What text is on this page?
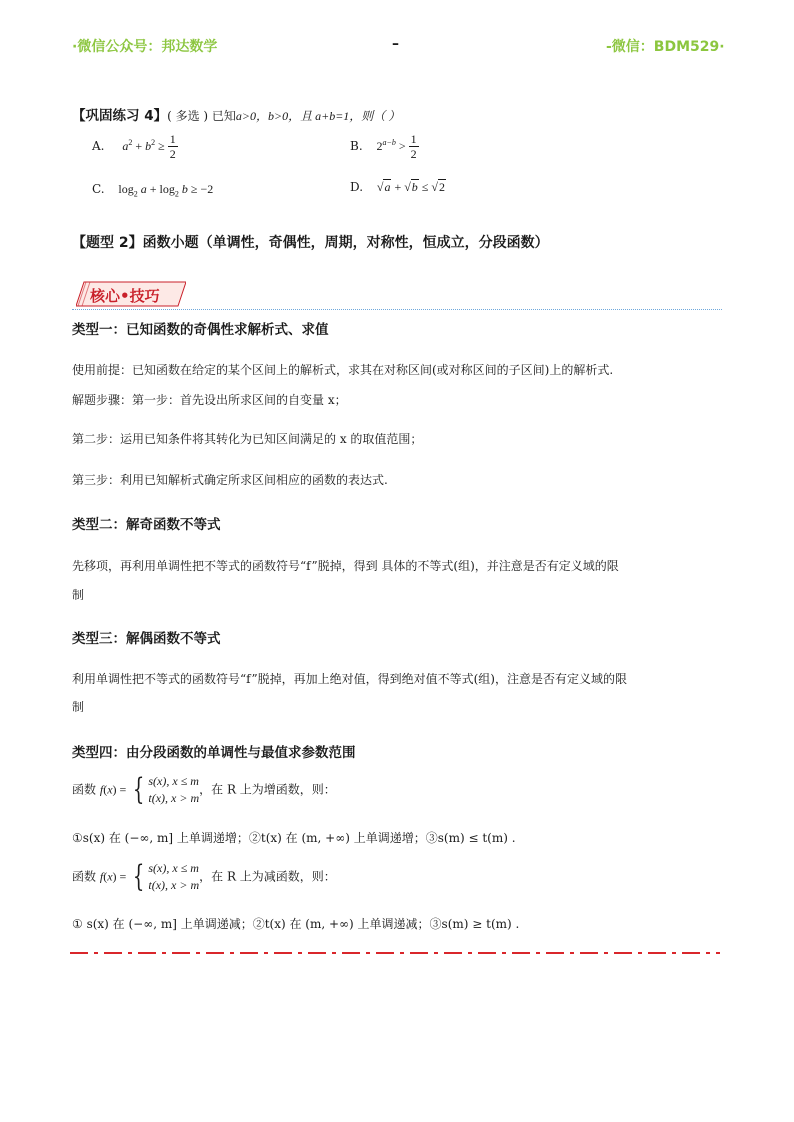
·微信公众号：邦达数学	–	-微信：BDM529·
【巩固练习 4】( 多选 ) 已知a>0，b>0，且 a+b=1，则（ ）
A. $a^2 + b^2 \ge \frac{1}{2}$	B. $2^{a-b} > \frac{1}{2}$
C. $\log_2 a + \log_2 b \ge -2$	D. √a + √b ≤ √2
【题型 2】函数小题（单调性，奇偶性，周期，对称性，恒成立，分段函数）
核心•技巧
类型一：已知函数的奇偶性求解析式、求值
使用前提：已知函数在给定的某个区间上的解析式，求其在对称区间(或对称区间的子区间)上的解析式.
解题步骤：第一步：首先设出所求区间的自变量 x；
第二步：运用已知条件将其转化为已知区间满足的 x 的取值范围；
第三步：利用已知解析式确定所求区间相应的函数的表达式.
类型二：解奇函数不等式
先移项，再利用单调性把不等式的函数符号“f”脱掉，得到 具体的不等式(组)，并注意是否有定义域的限
制
类型三：解偶函数不等式
利用单调性把不等式的函数符号“f”脱掉，再加上绝对值，得到绝对值不等式(组)，注意是否有定义域的限
制
类型四：由分段函数的单调性与最值求参数范围
函数 f(x) = { s(x), x ≤ m
t(x), x > m
，在 R 上为增函数，则：
①s(x) 在 (−∞, m] 上单调递增；②t(x) 在 (m, +∞) 上单调递增；③s(m) ≤ t(m) .
函数 f(x) = { s(x), x ≤ m
t(x), x > m
，在 R 上为减函数，则：
① s(x) 在 (−∞, m] 上单调递减；②t(x) 在 (m, +∞) 上单调递减；③s(m) ≥ t(m) .
